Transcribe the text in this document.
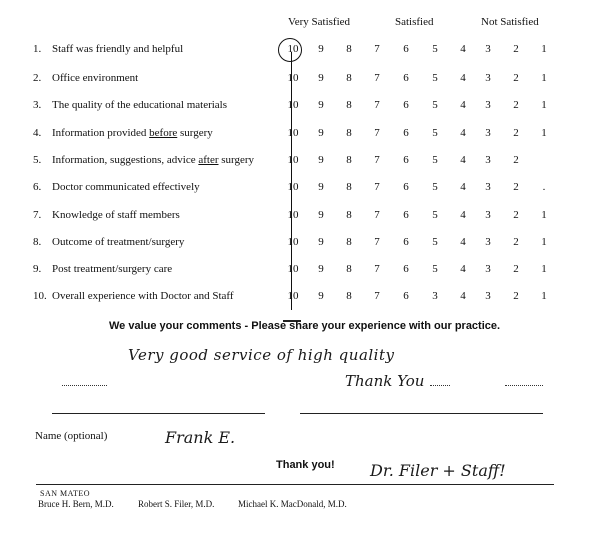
Very Satisfied	Satisfied	Not Satisfied
1. Staff was friendly and helpful	10	9	8	7	6	5	4	3	2	1
2. Office environment	10	9	8	7	6	5	4	3	2	1
3. The quality of the educational materials	10	9	8	7	6	5	4	3	2	1
4. Information provided before surgery	10	9	8	7	6	5	4	3	2	1
5. Information, suggestions, advice after surgery	10	9	8	7	6	5	4	3	2
6. Doctor communicated effectively	10	9	8	7	6	5	4	3	2	.
7. Knowledge of staff members	10	9	8	7	6	5	4	3	2	1
8. Outcome of treatment/surgery	10	9	8	7	6	5	4	3	2	1
9. Post treatment/surgery care	10	9	8	7	6	5	4	3	2	1
10. Overall experience with Doctor and Staff	10	9	8	7	6	3	4	3	2	1
We value your comments - Please share your experience with our practice.
Very good service of high quality
Thank You
Name (optional)	Frank E.
Thank you! Dr. Filer + Staff!
SAN MATEO
Bruce H. Bern, M.D.	Robert S. Filer, M.D.	Michael K. MacDonald, M.D.
